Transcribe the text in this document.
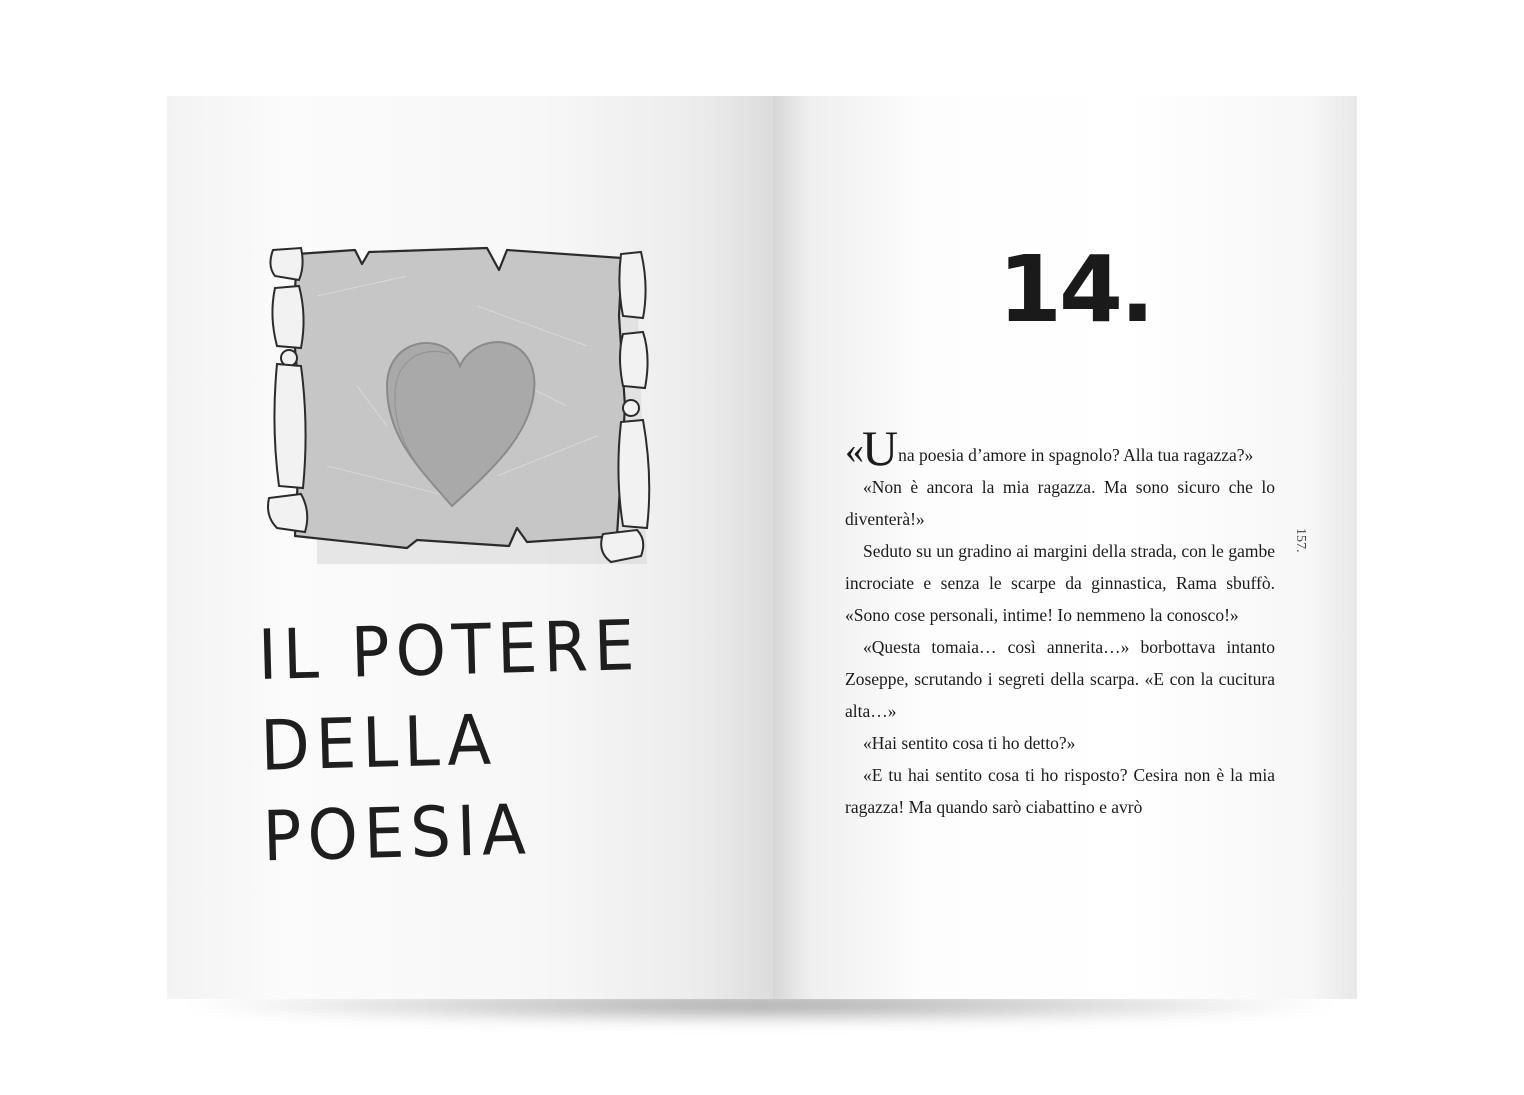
IL POTERE
DELLA POESIA
14.

«Una poesia d’amore in spagnolo? Alla tua ragazza?»

«Non è ancora la mia ragazza. Ma sono sicuro che lo diventerà!»

Seduto su un gradino ai margini della strada, con le gambe incrociate e senza le scarpe da ginnastica, Rama sbuffò. «Sono cose personali, intime! Io nemmeno la conosco!»

«Questa tomaia… così annerita…» borbottava intanto Zoseppe, scrutando i segreti della scarpa. «E con la cucitura alta…»

«Hai sentito cosa ti ho detto?»

«E tu hai sentito cosa ti ho risposto? Cesira non è la mia ragazza! Ma quando sarò ciabattino e avrò

157.
